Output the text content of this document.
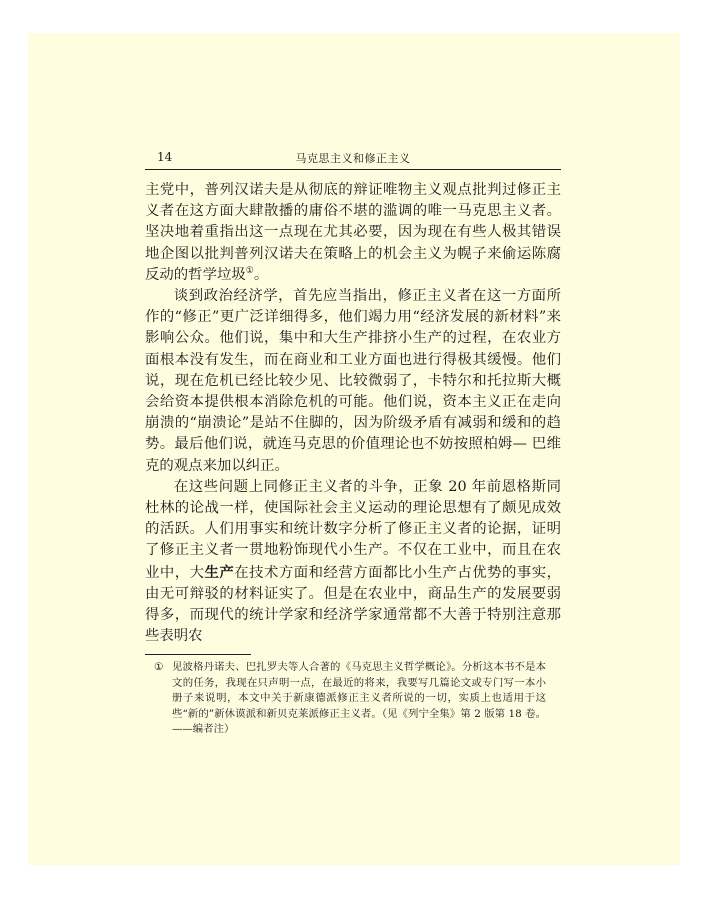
14	马克思主义和修正主义

主党中，普列汉诺夫是从彻底的辩证唯物主义观点批判过修正主义者在这方面大肆散播的庸俗不堪的滥调的唯一马克思主义者。坚决地着重指出这一点现在尤其必要，因为现在有些人极其错误地企图以批判普列汉诺夫在策略上的机会主义为幌子来偷运陈腐反动的哲学垃圾①。

谈到政治经济学，首先应当指出，修正主义者在这一方面所作的“修正”更广泛详细得多，他们竭力用“经济发展的新材料”来影响公众。他们说，集中和大生产排挤小生产的过程，在农业方面根本没有发生，而在商业和工业方面也进行得极其缓慢。他们说，现在危机已经比较少见、比较微弱了，卡特尔和托拉斯大概会给资本提供根本消除危机的可能。他们说，资本主义正在走向崩溃的“崩溃论”是站不住脚的，因为阶级矛盾有减弱和缓和的趋势。最后他们说，就连马克思的价值理论也不妨按照柏姆— 巴维克的观点来加以纠正。

在这些问题上同修正主义者的斗争，正象 20 年前恩格斯同杜林的论战一样，使国际社会主义运动的理论思想有了颇见成效的活跃。人们用事实和统计数字分析了修正主义者的论据，证明了修正主义者一贯地粉饰现代小生产。不仅在工业中，而且在农业中，大生产在技术方面和经营方面都比小生产占优势的事实，由无可辩驳的材料证实了。但是在农业中，商品生产的发展要弱得多，而现代的统计学家和经济学家通常都不大善于特别注意那些表明农

① 见波格丹诺夫、巴扎罗夫等人合著的《马克思主义哲学概论》。分析这本书不是本文的任务，我现在只声明一点，在最近的将来，我要写几篇论文或专门写一本小册子来说明，本文中关于新康德派修正主义者所说的一切，实质上也适用于这些“新的”新休谟派和新贝克莱派修正主义者。（见《列宁全集》第 2 版第 18 卷。——编者注）
